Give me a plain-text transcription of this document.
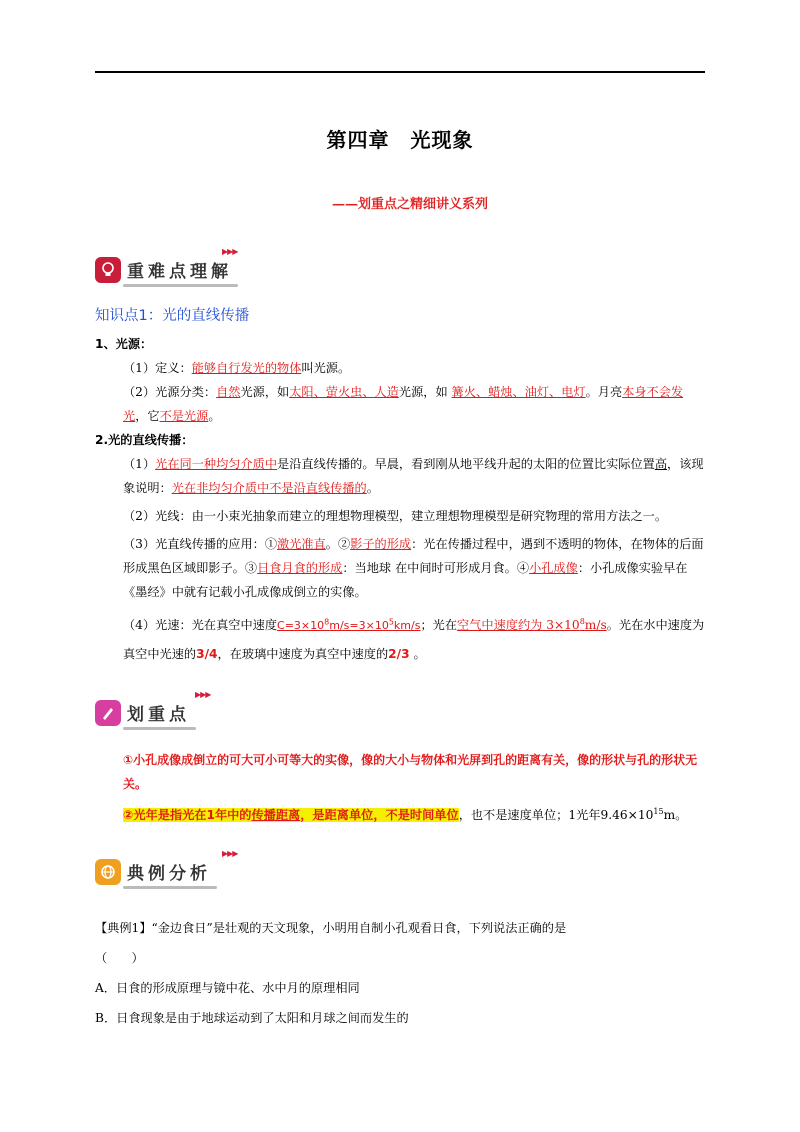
第四章　光现象
——划重点之精细讲义系列
重难点理解
▶▶▶
知识点1：光的直线传播
1、光源：
（1）定义：能够自行发光的物体叫光源。
（2）光源分类：自然光源，如太阳、萤火虫、人造光源，如 篝火、蜡烛、油灯、电灯。月亮本身不会发光，它不是光源。
2.光的直线传播：
（1）光在同一种均匀介质中是沿直线传播的。早晨，看到刚从地平线升起的太阳的位置比实际位置高，该现象说明：光在非均匀介质中不是沿直线传播的。
（2）光线：由一小束光抽象而建立的理想物理模型，建立理想物理模型是研究物理的常用方法之一。
（3）光直线传播的应用：①激光准直。②影子的形成：光在传播过程中，遇到不透明的物体，在物体的后面形成黑色区域即影子。③日食月食的形成：当地球 在中间时可形成月食。④小孔成像：小孔成像实验早在《墨经》中就有记载小孔成像成倒立的实像。
（4）光速：光在真空中速度$C=3\times 10^8m/s=3\times 10^5km/s$；光在空气中速度约为 $3\times 10^8m/s$。光在水中速度为真空中光速的3/4，在玻璃中速度为真空中速度的2/3 。
划重点
▶▶▶
①小孔成像成倒立的可大可小可等大的实像，像的大小与物体和光屏到孔的距离有关，像的形状与孔的形状无关。
②光年是指光在1年中的传播距离，是距离单位，不是时间单位，也不是速度单位；1光年$9.46\times 10^{15}m$。
典例分析
▶▶▶
【典例1】“金边食日”是壮观的天文现象，小明用自制小孔观看日食，下列说法正确的是
（　　）
A．日食的形成原理与镜中花、水中月的原理相同
B．日食现象是由于地球运动到了太阳和月球之间而发生的
